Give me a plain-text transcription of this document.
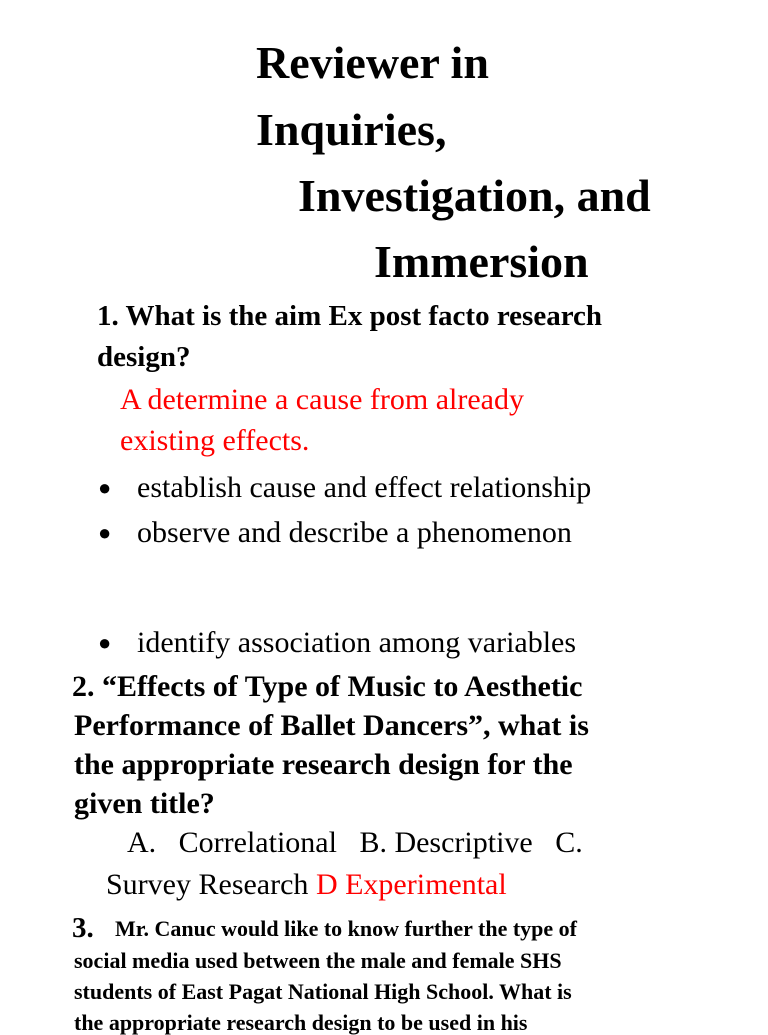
Reviewer in
Inquiries,
Investigation, and
Immersion
1. What is the aim Ex post facto research
design?
A determine a cause from already
existing effects.
● establish cause and effect relationship
● observe and describe a phenomenon
● identify association among variables
2. “Effects of Type of Music to Aesthetic
Performance of Ballet Dancers”, what is
the appropriate research design for the
given title?
A.   Correlational   B. Descriptive   C.
Survey Research D Experimental
3. Mr. Canuc would like to know further the type of
social media used between the male and female SHS
students of East Pagat National High School. What is
the appropriate research design to be used in his
